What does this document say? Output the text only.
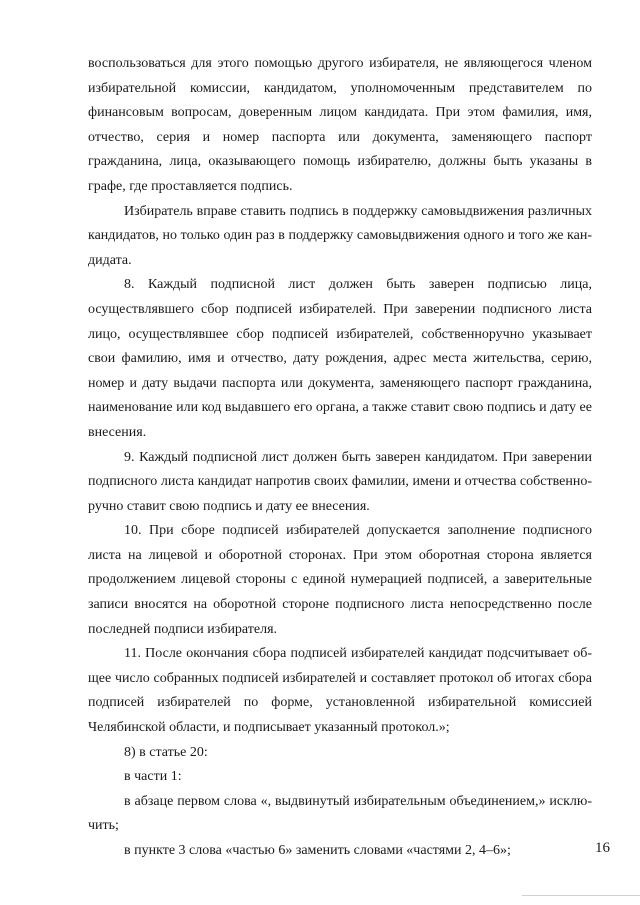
воспользоваться для этого помощью другого избирателя, не являющегося членом избирательной комиссии, кандидатом, уполномоченным представителем по финансовым вопросам, доверенным лицом кандидата. При этом фамилия, имя, отчество, серия и номер паспорта или документа, заменяющего паспорт гражданина, лица, оказывающего помощь избирателю, должны быть указаны в графе, где проставляется подпись.

Избиратель вправе ставить подпись в поддержку самовыдвижения различных кандидатов, но только один раз в поддержку самовыдвижения одного и того же кандидата.

8. Каждый подписной лист должен быть заверен подписью лица, осуществлявшего сбор подписей избирателей. При заверении подписного листа лицо, осуществлявшее сбор подписей избирателей, собственноручно указывает свои фамилию, имя и отчество, дату рождения, адрес места жительства, серию, номер и дату выдачи паспорта или документа, заменяющего паспорт гражданина, наименование или код выдавшего его органа, а также ставит свою подпись и дату ее внесения.

9. Каждый подписной лист должен быть заверен кандидатом. При заверении подписного листа кандидат напротив своих фамилии, имени и отчества собственноручно ставит свою подпись и дату ее внесения.

10. При сборе подписей избирателей допускается заполнение подписного листа на лицевой и оборотной сторонах. При этом оборотная сторона является продолжением лицевой стороны с единой нумерацией подписей, а заверительные записи вносятся на оборотной стороне подписного листа непосредственно после последней подписи избирателя.

11. После окончания сбора подписей избирателей кандидат подсчитывает общее число собранных подписей избирателей и составляет протокол об итогах сбора подписей избирателей по форме, установленной избирательной комиссией Челябинской области, и подписывает указанный протокол.»;

8) в статье 20:

в части 1:

в абзаце первом слова «, выдвинутый избирательным объединением,» исключить;

в пункте 3 слова «частью 6» заменить словами «частями 2, 4–6»;	16
